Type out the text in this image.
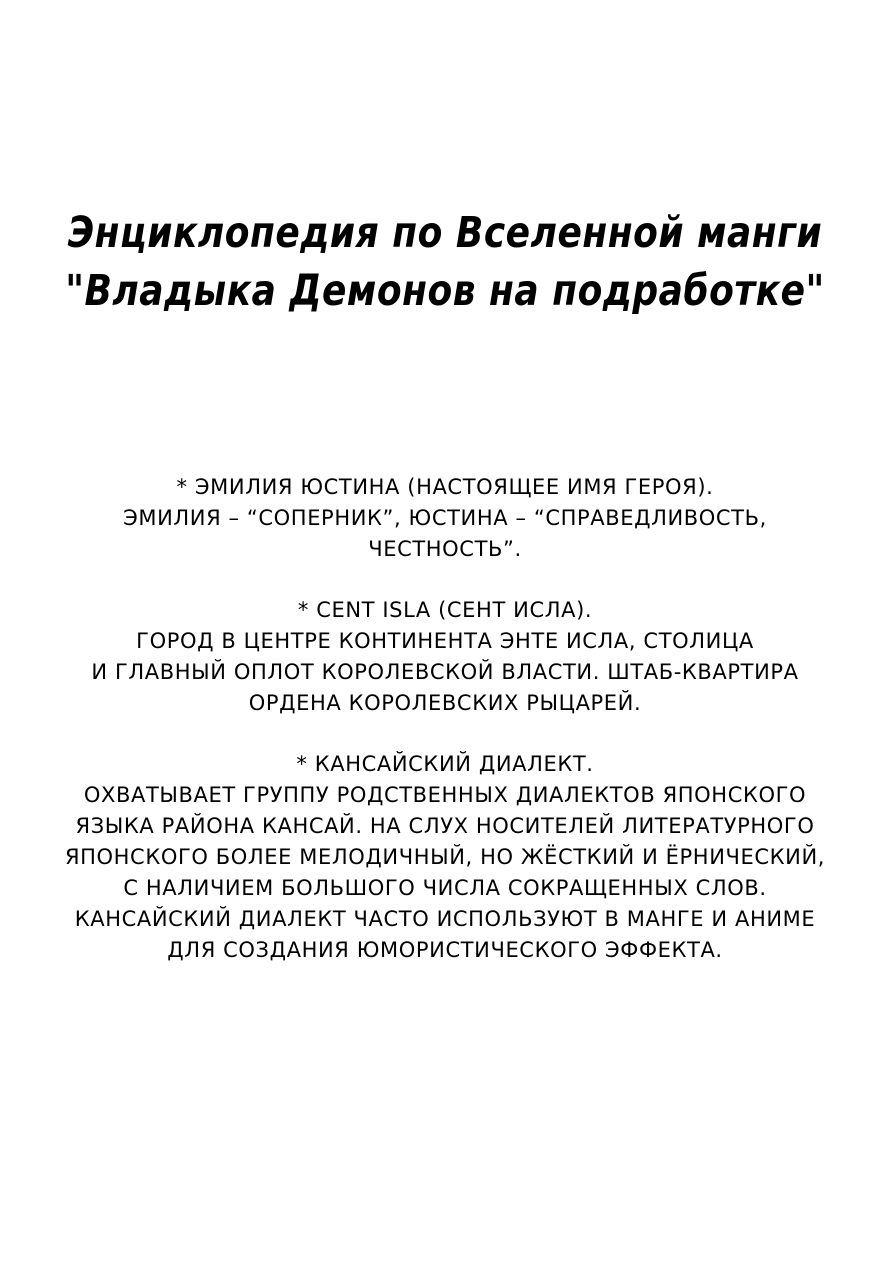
Энциклопедия по Вселенной манги
"Владыка Демонов на подработке"
* ЭМИЛИЯ ЮСТИНА (НАСТОЯЩЕЕ ИМЯ ГЕРОЯ).
ЭМИЛИЯ – “СОПЕРНИК”, ЮСТИНА – “СПРАВЕДЛИВОСТЬ,
ЧЕСТНОСТЬ”.
* CENT ISLA (СЕНТ ИСЛА).
ГОРОД В ЦЕНТРЕ КОНТИНЕНТА ЭНТЕ ИСЛА, СТОЛИЦА
И ГЛАВНЫЙ ОПЛОТ КОРОЛЕВСКОЙ ВЛАСТИ. ШТАБ-КВАРТИРА
ОРДЕНА КОРОЛЕВСКИХ РЫЦАРЕЙ.
* КАНСАЙСКИЙ ДИАЛЕКТ.
ОХВАТЫВАЕТ ГРУППУ РОДСТВЕННЫХ ДИАЛЕКТОВ ЯПОНСКОГО
ЯЗЫКА РАЙОНА КАНСАЙ. НА СЛУХ НОСИТЕЛЕЙ ЛИТЕРАТУРНОГО
ЯПОНСКОГО БОЛЕЕ МЕЛОДИЧНЫЙ, НО ЖЁСТКИЙ И ЁРНИЧЕСКИЙ,
С НАЛИЧИЕМ БОЛЬШОГО ЧИСЛА СОКРАЩЕННЫХ СЛОВ.
КАНСАЙСКИЙ ДИАЛЕКТ ЧАСТО ИСПОЛЬЗУЮТ В МАНГЕ И АНИМЕ
ДЛЯ СОЗДАНИЯ ЮМОРИСТИЧЕСКОГО ЭФФЕКТА.
